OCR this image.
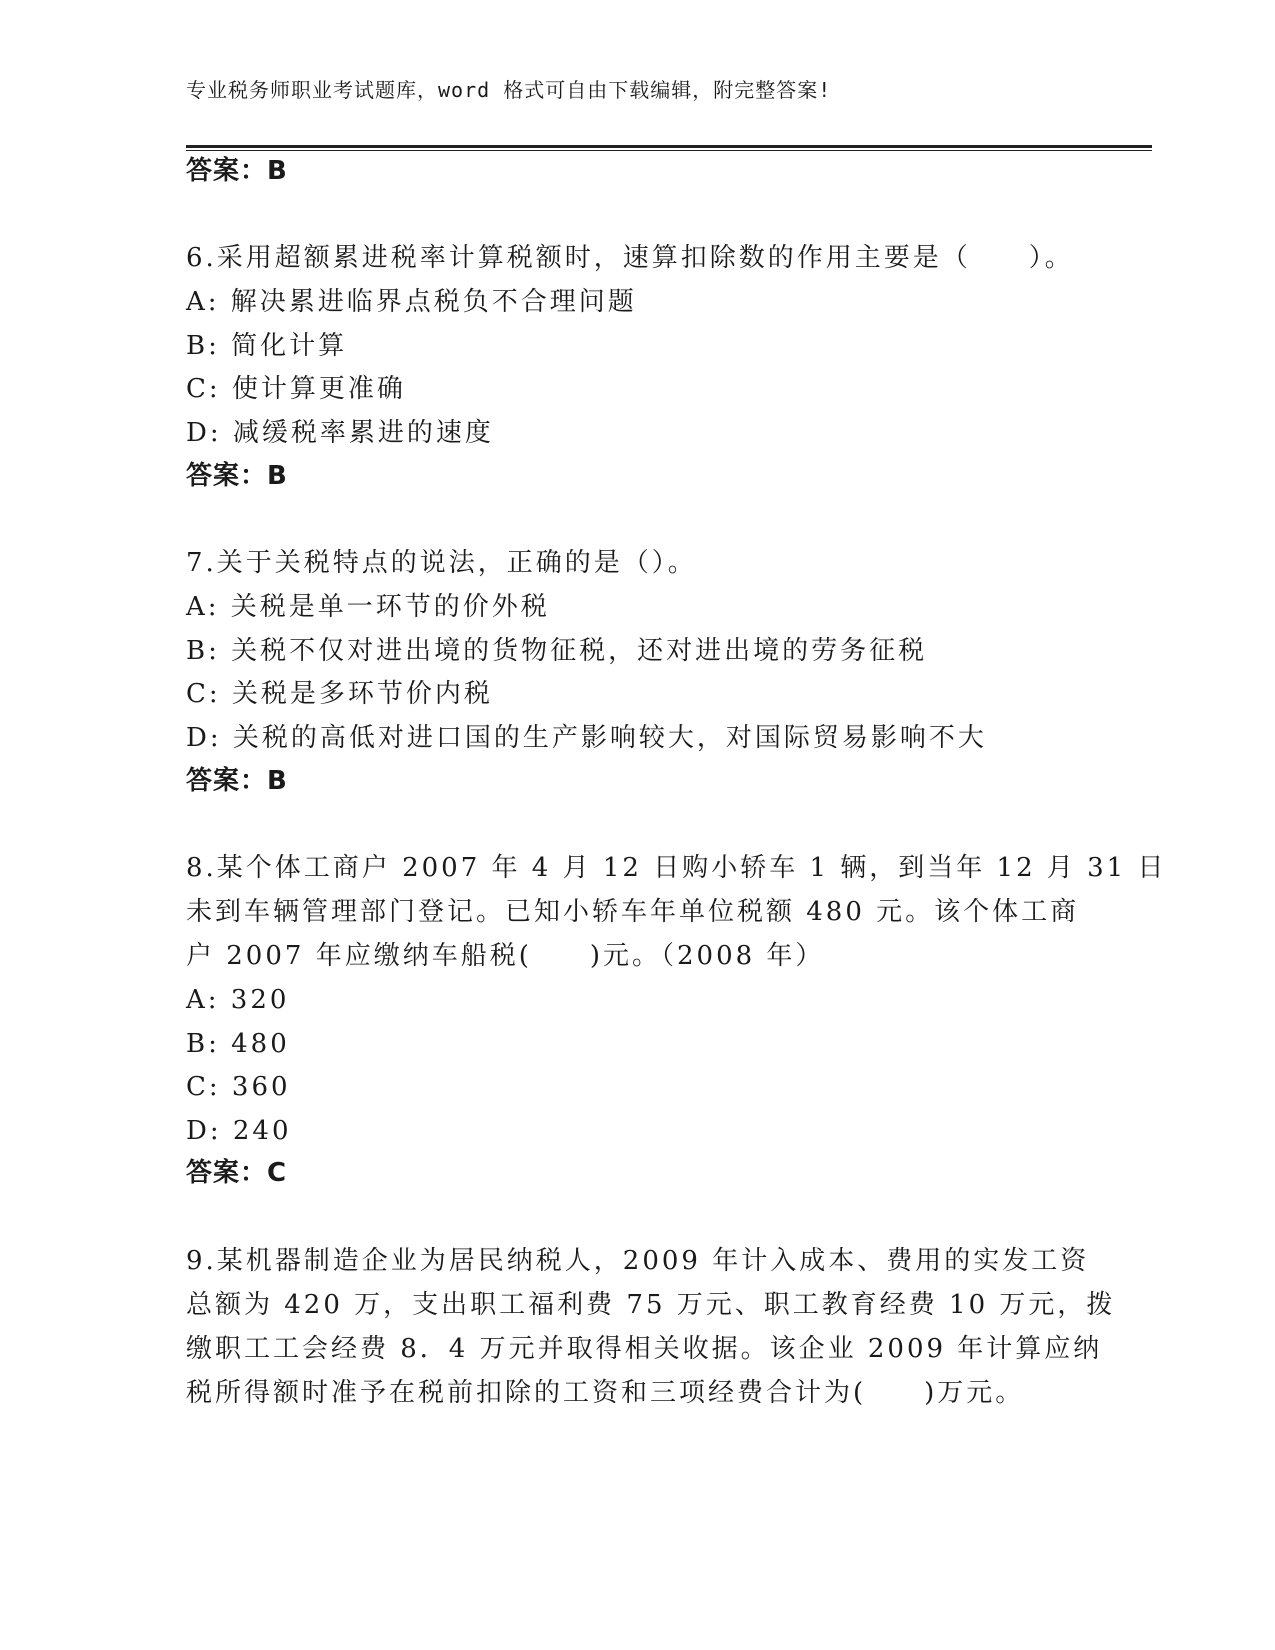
专业税务师职业考试题库，word 格式可自由下载编辑，附完整答案!
答案：B
6.采用超额累进税率计算税额时，速算扣除数的作用主要是（　　）。
A: 解决累进临界点税负不合理问题
B: 简化计算
C: 使计算更准确
D: 减缓税率累进的速度
答案：B
7.关于关税特点的说法，正确的是（）。
A: 关税是单一环节的价外税
B: 关税不仅对进出境的货物征税，还对进出境的劳务征税
C: 关税是多环节价内税
D: 关税的高低对进口国的生产影响较大，对国际贸易影响不大
答案：B
8.某个体工商户 2007 年 4 月 12 日购小轿车 1 辆，到当年 12 月 31 日
未到车辆管理部门登记。已知小轿车年单位税额 480 元。该个体工商
户 2007 年应缴纳车船税(　　)元。（2008 年）
A: 320
B: 480
C: 360
D: 240
答案：C
9.某机器制造企业为居民纳税人，2009 年计入成本、费用的实发工资
总额为 420 万，支出职工福利费 75 万元、职工教育经费 10 万元，拨
缴职工工会经费 8．4 万元并取得相关收据。该企业 2009 年计算应纳
税所得额时准予在税前扣除的工资和三项经费合计为(　　)万元。
